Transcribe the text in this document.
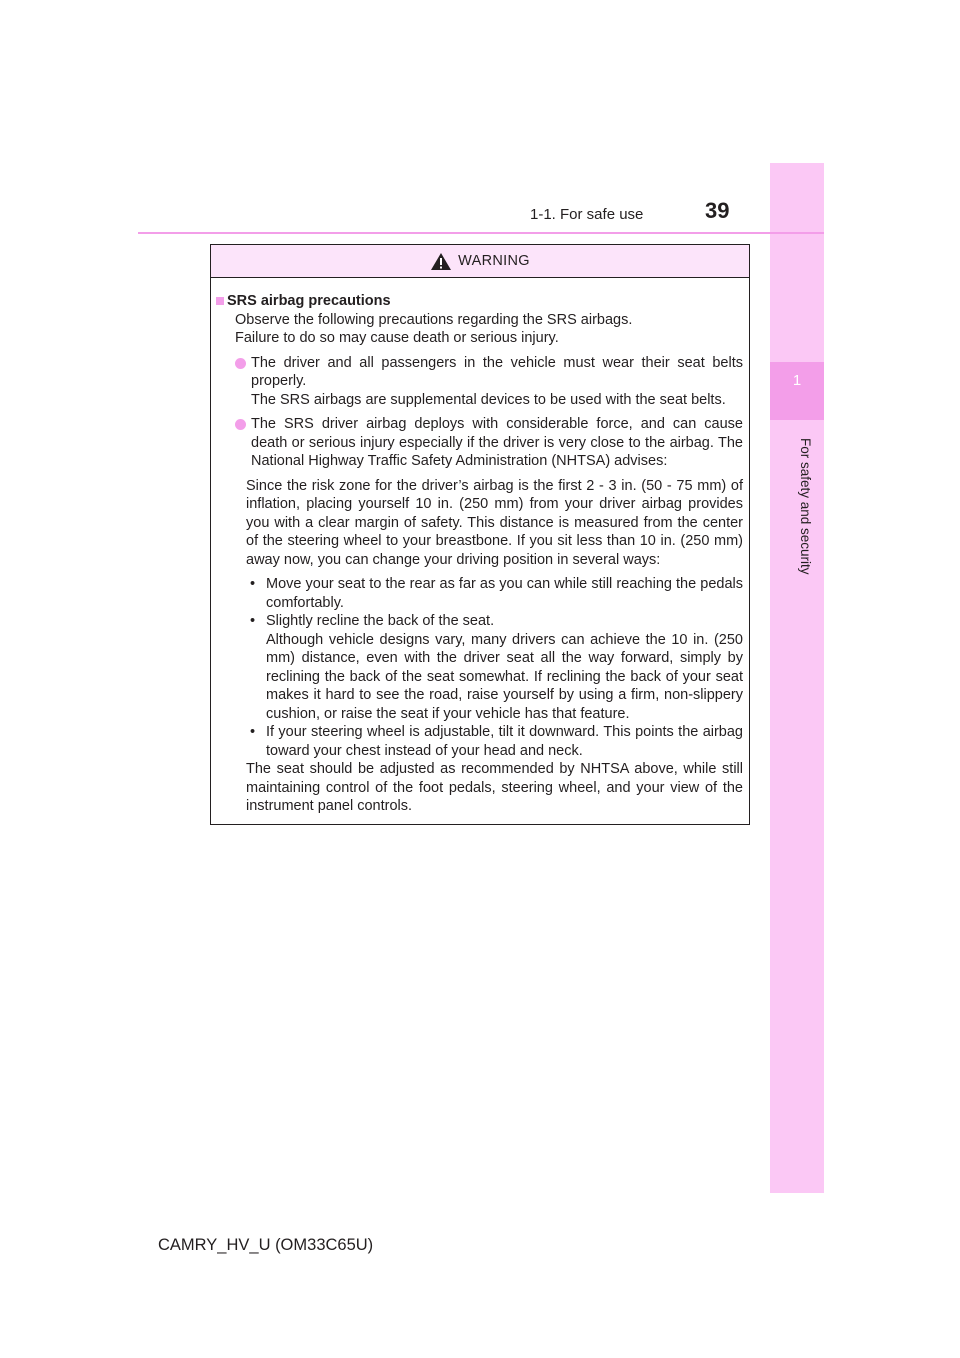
1
For safety and security
1-1. For safe use	39
WARNING
SRS airbag precautions

Observe the following precautions regarding the SRS airbags.

Failure to do so may cause death or serious injury.

The driver and all passengers in the vehicle must wear their seat belts properly.
The SRS airbags are supplemental devices to be used with the seat belts.
The SRS driver airbag deploys with considerable force, and can cause death or serious injury especially if the driver is very close to the airbag. The National Highway Traffic Safety Administration (NHTSA) advises:
Since the risk zone for the driver’s airbag is the first 2 - 3 in. (50 - 75 mm) of inflation, placing yourself 10 in. (250 mm) from your driver airbag provides you with a clear margin of safety. This distance is measured from the center of the steering wheel to your breastbone. If you sit less than 10 in. (250 mm) away now, you can change your driving position in several ways:
• Move your seat to the rear as far as you can while still reaching the pedals comfortably.
• Slightly recline the back of the seat.
Although vehicle designs vary, many drivers can achieve the 10 in. (250 mm) distance, even with the driver seat all the way forward, simply by reclining the back of the seat somewhat. If reclining the back of your seat makes it hard to see the road, raise yourself by using a firm, non-slippery cushion, or raise the seat if your vehicle has that feature.
• If your steering wheel is adjustable, tilt it downward. This points the airbag toward your chest instead of your head and neck.
The seat should be adjusted as recommended by NHTSA above, while still maintaining control of the foot pedals, steering wheel, and your view of the instrument panel controls.
CAMRY_HV_U (OM33C65U)
